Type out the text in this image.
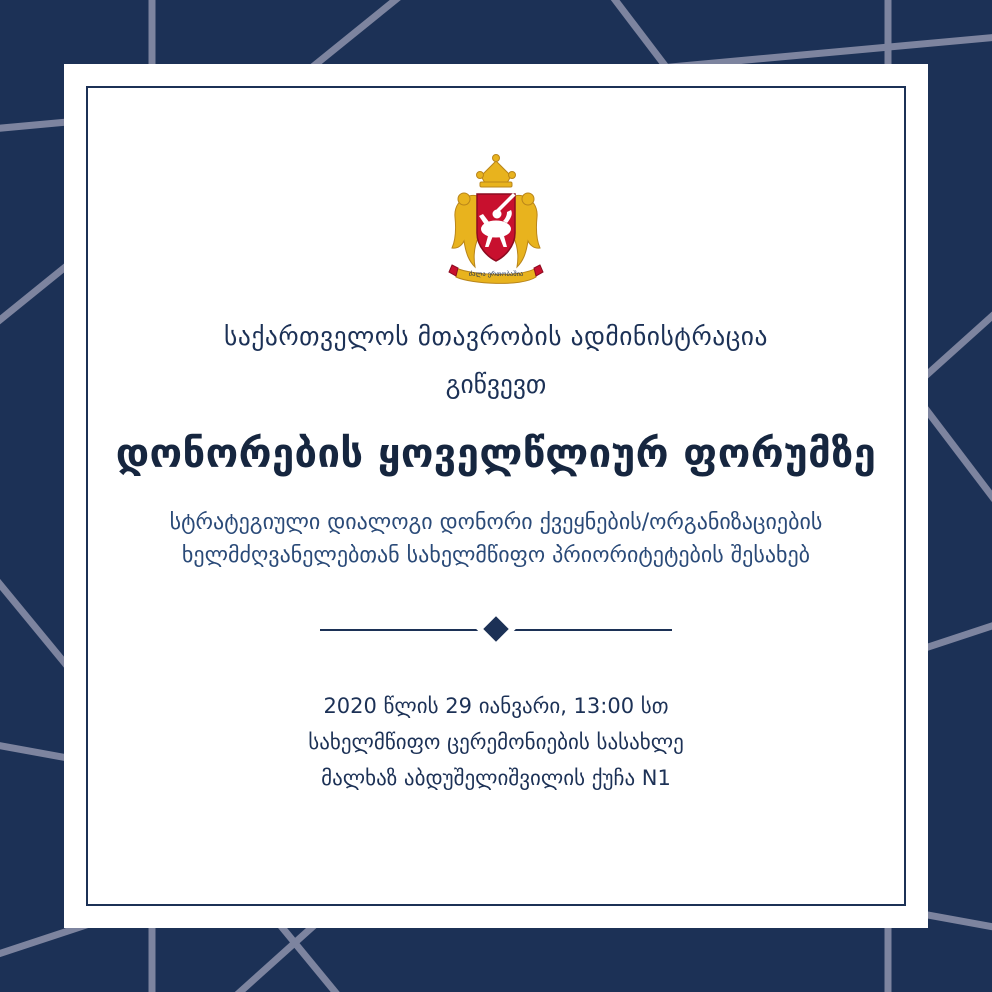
ძალა ერთობაშია
საქართველოს მთავრობის ადმინისტრაცია
გიწვევთ
დონორების ყოველწლიურ ფორუმზე
სტრატეგიული დიალოგი დონორი ქვეყნების/ორგანიზაციების
ხელმძღვანელებთან სახელმწიფო პრიორიტეტების შესახებ
2020 წლის 29 იანვარი, 13:00 სთ
სახელმწიფო ცერემონიების სასახლე
მალხაზ აბდუშელიშვილის ქუჩა N1
